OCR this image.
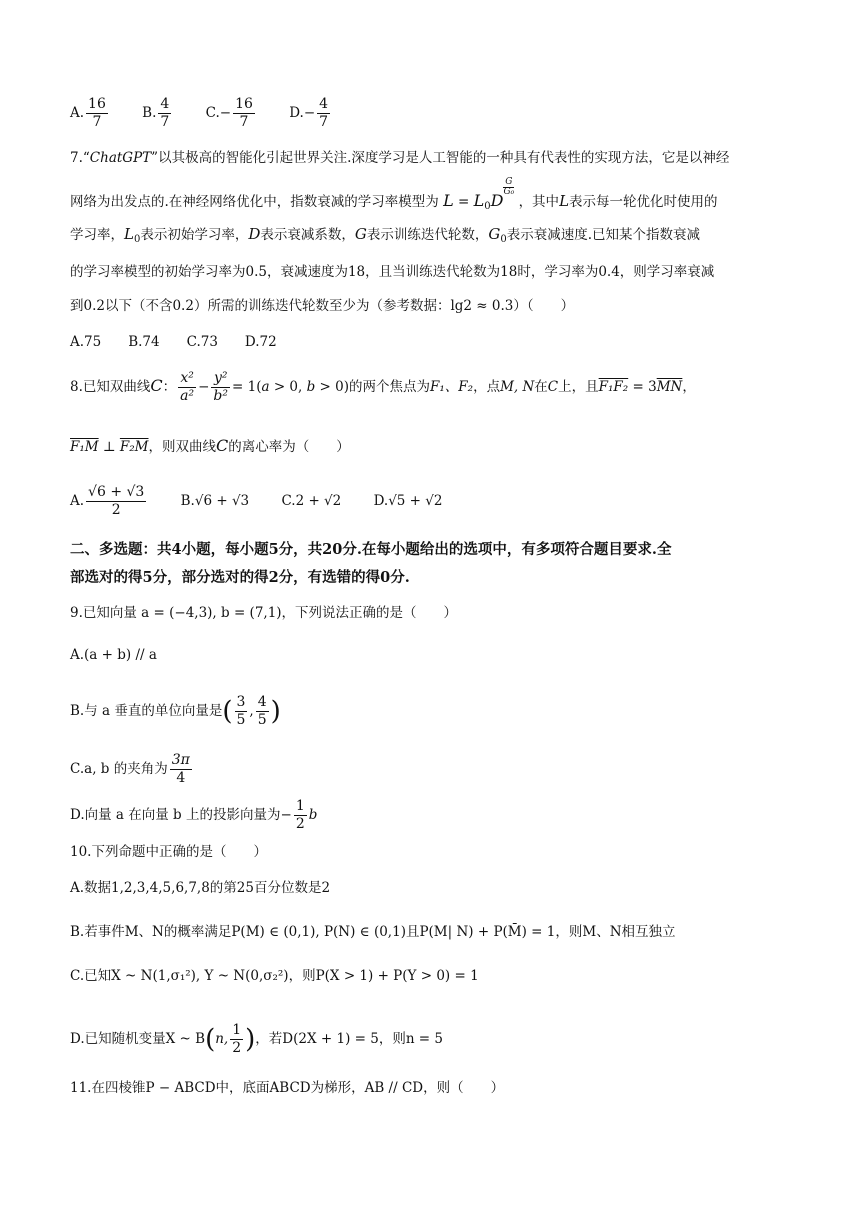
A. $\frac{16}{7}$	B. $\frac{4}{7}$	$C.- \frac{16}{7}$	$D.- \frac{4}{7}$
7.“ChatGPT”以其极高的智能化引起世界关注.深度学习是人工智能的一种具有代表性的实现方法，它是以神经
网络为出发点的.在神经网络优化中，指数衰减的学习率模型为 $L = L_0D$
$\frac{G}{\text{G₀}}$
，其中L表示每一轮优化时使用的
学习率，$L_0$表示初始学习率，D表示衰减系数，G表示训练迭代轮数，$G_0$表示衰减速度.已知某个指数衰减
的学习率模型的初始学习率为0.5，衰减速度为18，且当训练迭代轮数为18时，学习率为0.4，则学习率衰减
到0.2以下（不含0.2）所需的训练迭代轮数至少为（参考数据：lg2 ≈ 0.3）（　　）
A.75　　B.74　　C.73　　D.72
8.已知双曲线C： $\frac{\text{x²}}{\text{a²}} - \frac{\text{y²}}{\text{b²}} = 1(a > 0$, b > 0)的两个焦点为F₁、F₂，点M, N在C上，且$F_1F_2 = 3\overline{MN}$，
F₁M ⊥ F₂M，则双曲线C的离心率为（　　）
A. $\frac{√6 + √3}{2}$	B.√6 + √3 C.2 + √2 D.√5 + √2
二、多选题：共4小题，每小题5分，共20分.在每小题给出的选项中，有多项符合题目要求.全
部选对的得5分，部分选对的得2分，有选错的得0分.
9.已知向量 a = (−4,3), b = (7,1)，下列说法正确的是（　　）
A.(a + b) // a
B.与 a 垂直的单位向量是( $\frac{3}{5}$ , $\frac{4}{5}$ )
C.a, b 的夹角为 $\frac{3\pi}{4}$
D.向量 a 在向量 b 上的投影向量为− $\frac{1}{2}$ b
10.下列命题中正确的是（　　）
A.数据1,2,3,4,5,6,7,8的第25百分位数是2
B.若事件M、N的概率满足P(M) ∈ (0,1), P(N) ∈ (0,1)且P(M| N) + P(M̄) = 1，则M、N相互独立
C.已知X ~ N(1,σ₁²), Y ~ N(0,σ₂²)，则P(X > 1) + P(Y > 0) = 1
D.已知随机变量X ~ B(n, $\frac{1}{2}$ )，若D(2X + 1) = 5，则n = 5
11.在四棱锥P − ABCD中，底面ABCD为梯形，AB // CD，则（　　）
